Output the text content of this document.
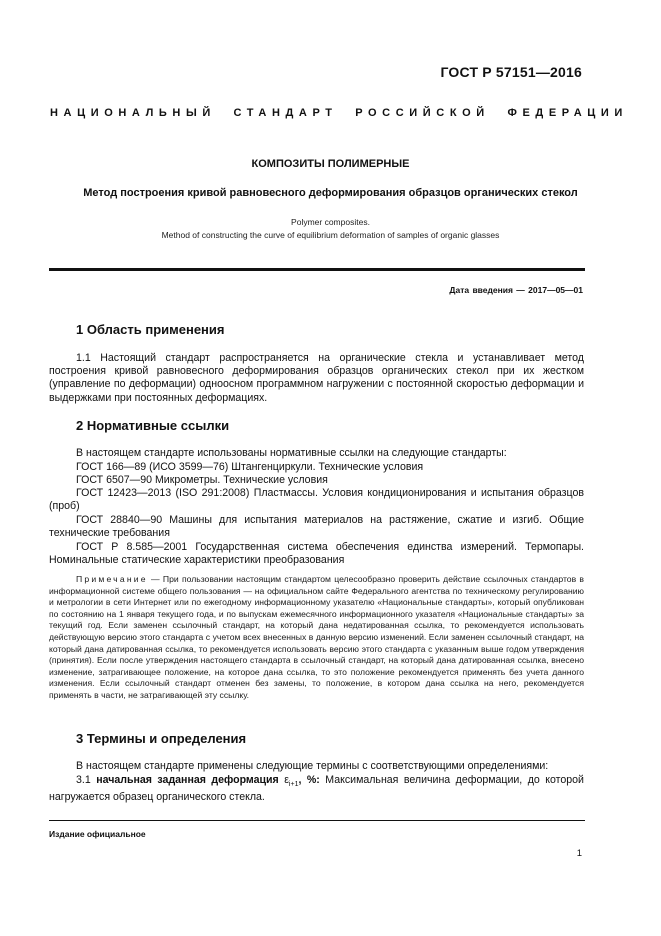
ГОСТ Р 57151—2016
НАЦИОНАЛЬНЫЙ СТАНДАРТ РОССИЙСКОЙ ФЕДЕРАЦИИ
КОМПОЗИТЫ ПОЛИМЕРНЫЕ
Метод построения кривой равновесного деформирования образцов органических стекол
Polymer composites.
Method of constructing the curve of equilibrium deformation of samples of organic glasses
Дата введения — 2017—05—01
1 Область применения
1.1 Настоящий стандарт распространяется на органические стекла и устанавливает метод построения кривой равновесного деформирования образцов органических стекол при их жестком (управление по деформации) одноосном программном нагружении с постоянной скоростью деформации и выдержками при постоянных деформациях.
2 Нормативные ссылки
В настоящем стандарте использованы нормативные ссылки на следующие стандарты:
ГОСТ 166—89 (ИСО 3599—76) Штангенциркули. Технические условия
ГОСТ 6507—90 Микрометры. Технические условия
ГОСТ 12423—2013 (ISO 291:2008) Пластмассы. Условия кондиционирования и испытания образцов (проб)
ГОСТ 28840—90 Машины для испытания материалов на растяжение, сжатие и изгиб. Общие технические требования
ГОСТ Р 8.585—2001 Государственная система обеспечения единства измерений. Термопары. Номинальные статические характеристики преобразования
Примечание — При пользовании настоящим стандартом целесообразно проверить действие ссылочных стандартов в информационной системе общего пользования — на официальном сайте Федерального агентства по техническому регулированию и метрологии в сети Интернет или по ежегодному информационному указателю «Национальные стандарты», который опубликован по состоянию на 1 января текущего года, и по выпускам ежемесячного информационного указателя «Национальные стандарты» за текущий год. Если заменен ссылочный стандарт, на который дана недатированная ссылка, то рекомендуется использовать действующую версию этого стандарта с учетом всех внесенных в данную версию изменений. Если заменен ссылочный стандарт, на который дана датированная ссылка, то рекомендуется использовать версию этого стандарта с указанным выше годом утверждения (принятия). Если после утверждения настоящего стандарта в ссылочный стандарт, на который дана датированная ссылка, внесено изменение, затрагивающее положение, на которое дана ссылка, то это положение рекомендуется применять без учета данного изменения. Если ссылочный стандарт отменен без замены, то положение, в котором дана ссылка на него, рекомендуется применять в части, не затрагивающей эту ссылку.
3 Термины и определения
В настоящем стандарте применены следующие термины с соответствующими определениями:
3.1 начальная заданная деформация $\varepsilon_{i+1}$, %: Максимальная величина деформации, до которой нагружается образец органического стекла.
Издание официальное
1
